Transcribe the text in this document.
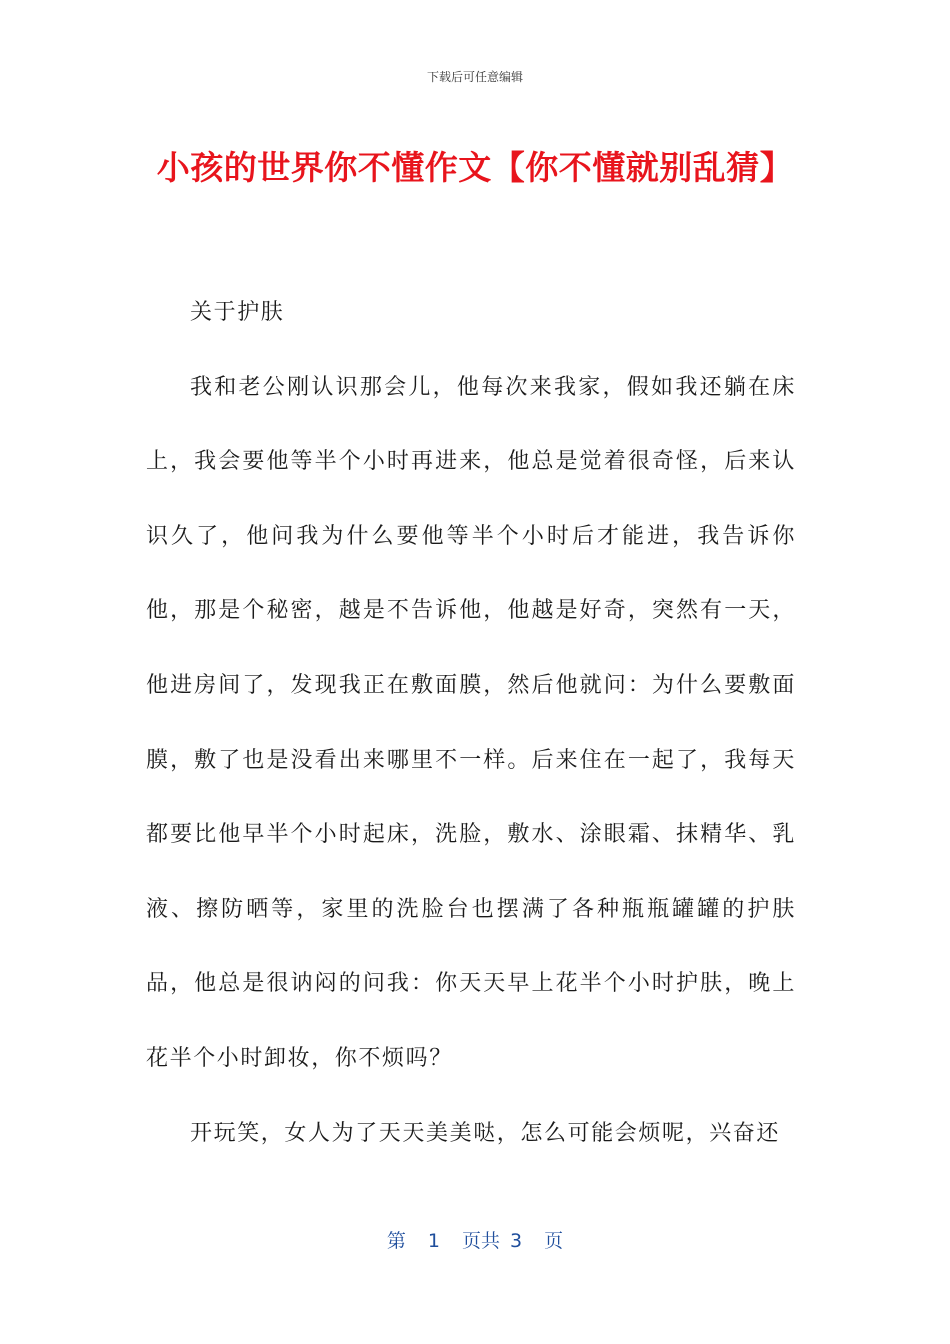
下载后可任意编辑
小孩的世界你不懂作文【你不懂就别乱猜】

关于护肤

我和老公刚认识那会儿，他每次来我家，假如我还躺在床上，我会要他等半个小时再进来，他总是觉着很奇怪，后来认识久了，他问我为什么要他等半个小时后才能进，我告诉你他，那是个秘密，越是不告诉他，他越是好奇，突然有一天，他进房间了，发现我正在敷面膜，然后他就问：为什么要敷面膜，敷了也是没看出来哪里不一样。后来住在一起了，我每天都要比他早半个小时起床，洗脸，敷水、涂眼霜、抹精华、乳液、擦防晒等，家里的洗脸台也摆满了各种瓶瓶罐罐的护肤品，他总是很讷闷的问我：你天天早上花半个小时护肤，晚上花半个小时卸妆，你不烦吗？

开玩笑，女人为了天天美美哒，怎么可能会烦呢，兴奋还

第 1 页共 3 页
